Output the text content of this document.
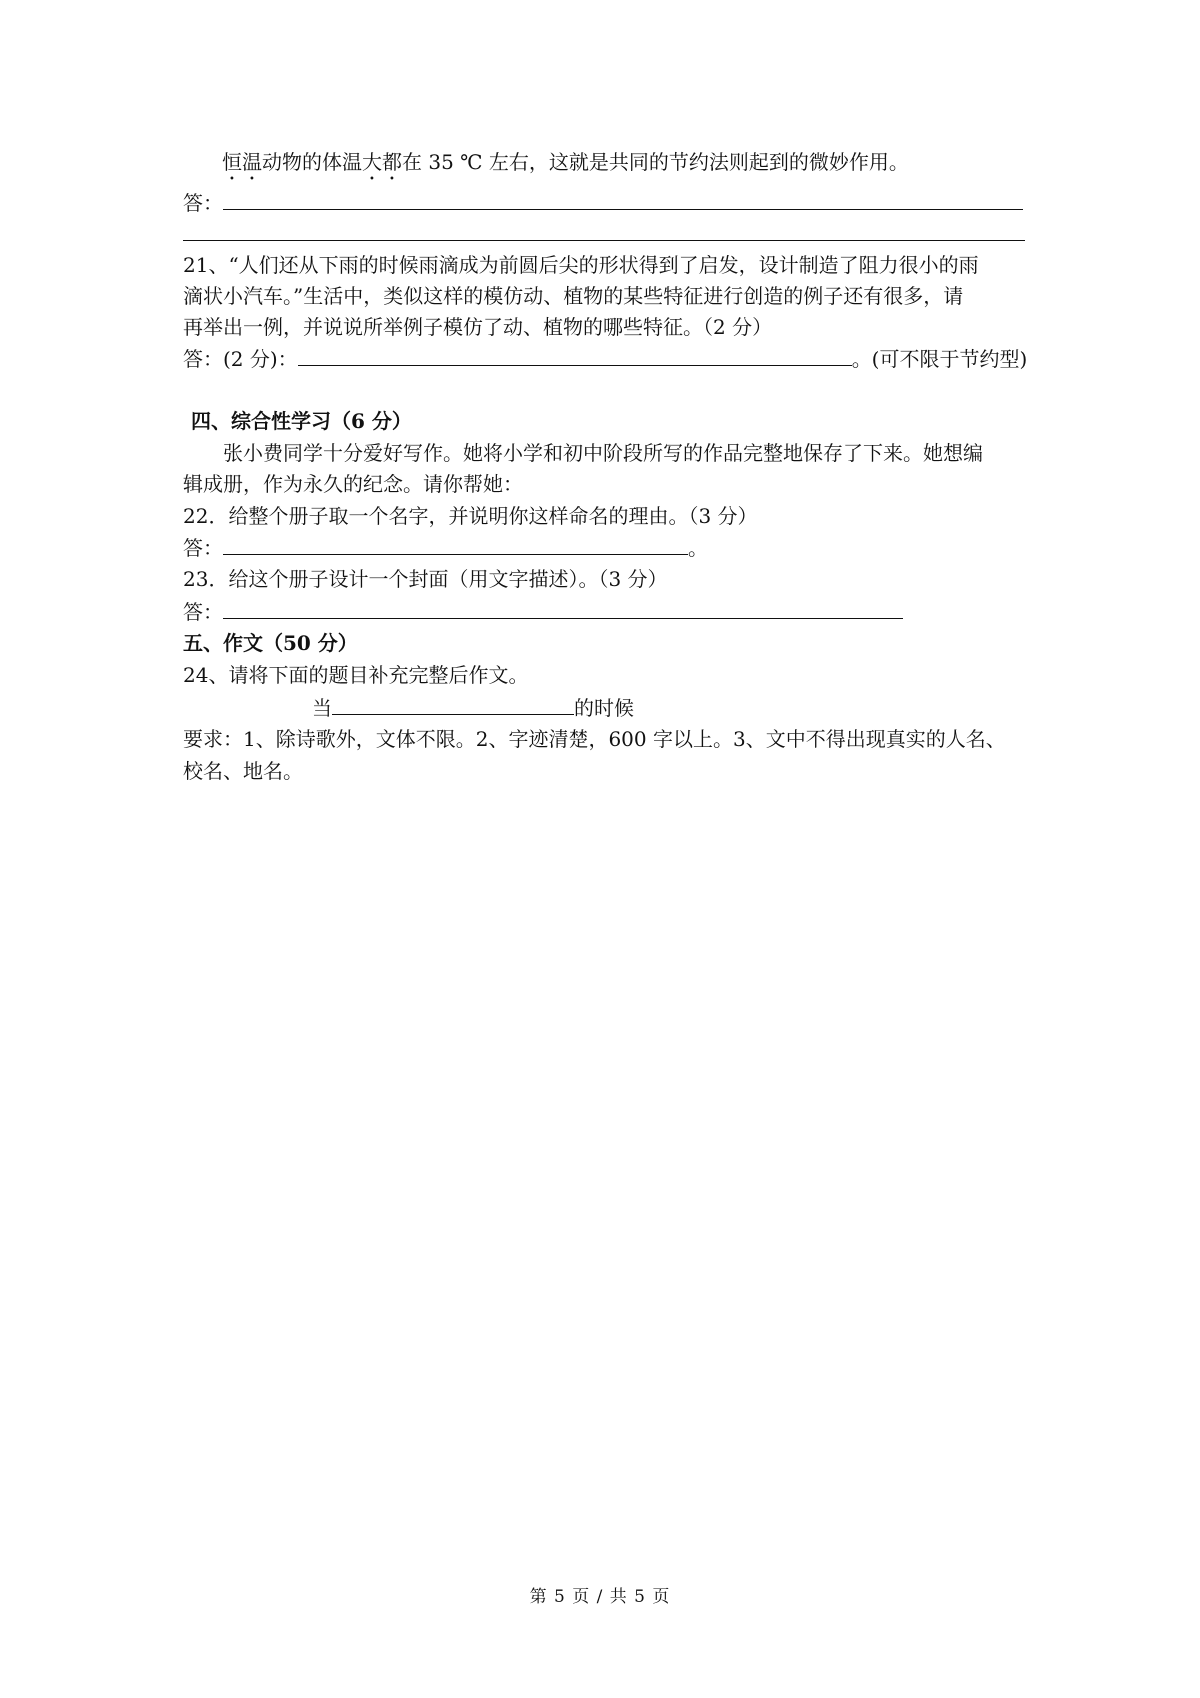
恒温动物的体温大都在 35 ℃ 左右，这就是共同的节约法则起到的微妙作用。
答：
21、“人们还从下雨的时候雨滴成为前圆后尖的形状得到了启发，设计制造了阻力很小的雨
滴状小汽车。”生活中，类似这样的模仿动、植物的某些特征进行创造的例子还有很多，请
再举出一例，并说说所举例子模仿了动、植物的哪些特征。（2 分）
答：(2 分)：	。(可不限于节约型)
四、综合性学习（6 分）
张小费同学十分爱好写作。她将小学和初中阶段所写的作品完整地保存了下来。她想编
辑成册，作为永久的纪念。请你帮她：
22．给整个册子取一个名字，并说明你这样命名的理由。（3 分）
答：	。
23．给这个册子设计一个封面（用文字描述）。（3 分）
答：
五、作文（50 分）
24、请将下面的题目补充完整后作文。
当	的时候
要求：1、除诗歌外，文体不限。2、字迹清楚，600 字以上。3、文中不得出现真实的人名、
校名、地名。
第 5 页 / 共 5 页
